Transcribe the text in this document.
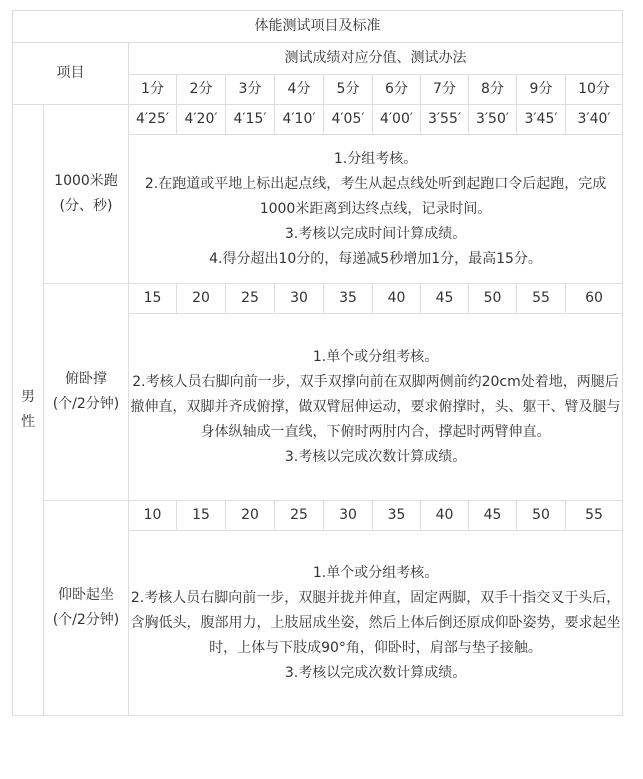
体能测试项目及标准											
项目		测试成绩对应分值、测试办法									
		1分	2分	3分	4分	5分	6分	7分	8分	9分	10分
男性	1000米跑
(分、秒)	4′25′	4′20′	4′15′	4′10′	4′05′	4′00′	3′55′	3′50′	3′45′	3′40′

		1.分组考核。

2.在跑道或平地上标出起点线，考生从起点线处听到起跑口令后起跑，完成1000米距离到达终点线，记录时间。

3.考核以完成时间计算成绩。

4.得分超出10分的，每递减5秒增加1分，最高15分。									

	俯卧撑
(个/2分钟)	15	20	25	30	35	40	45	50	55	60

		1.单个或分组考核。

2.考核人员右脚向前一步，双手双撑向前在双脚两侧前约20cm处着地，两腿后撤伸直，双脚并齐成俯撑，做双臂屈伸运动，要求俯撑时，头、躯干、臂及腿与身体纵轴成一直线，下俯时两肘内合，撑起时两臂伸直。

3.考核以完成次数计算成绩。									

	仰卧起坐
(个/2分钟)	10	15	20	25	30	35	40	45	50	55

		1.单个或分组考核。

2.考核人员右脚向前一步，双腿并拢并伸直，固定两脚，双手十指交叉于头后，含胸低头，腹部用力，上肢屈成坐姿，然后上体后倒还原成仰卧姿势，要求起坐时，上体与下肢成90°角，仰卧时，肩部与垫子接触。

3.考核以完成次数计算成绩。									
